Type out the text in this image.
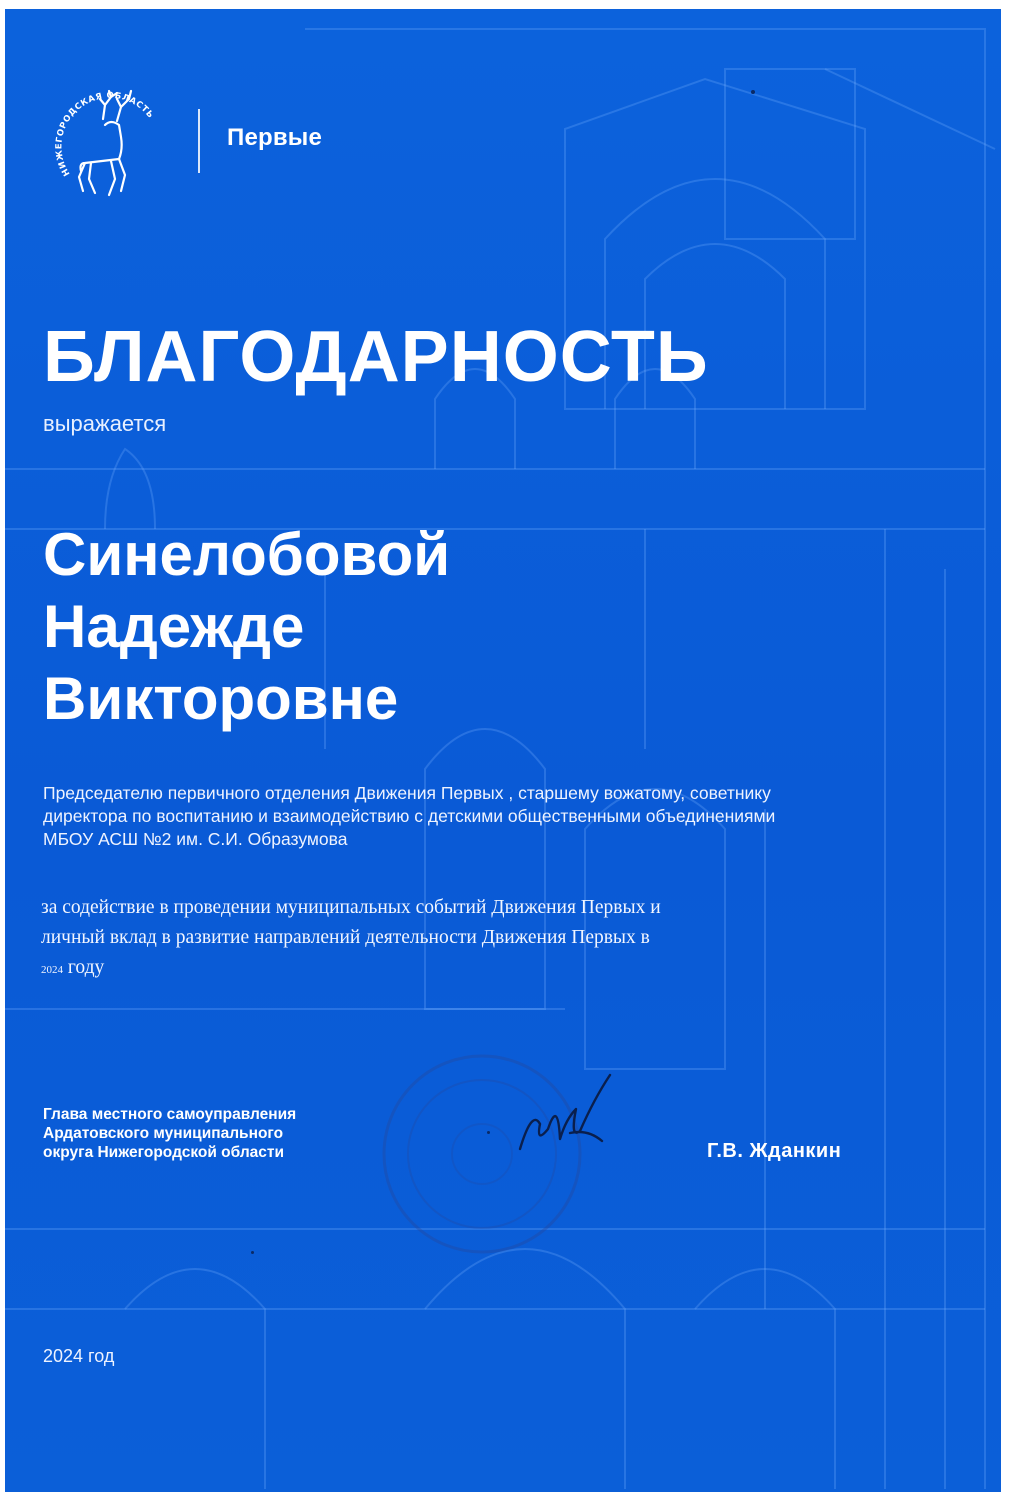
НИЖЕГОРОДСКАЯ ОБЛАСТЬ
Первые
БЛАГОДАРНОСТЬ
выражается
Синелобовой
Надежде
Викторовне
Председателю первичного отделения Движения Первых , старшему вожатому, советнику директора по воспитанию и взаимодействию с детскими общественными объединениями МБОУ АСШ №2 им. С.И. Образумова
за содействие в проведении муниципальных событий Движения Первых и
личный вклад в развитие направлений деятельности Движения Первых в
2024 году
Глава местного самоуправления
Ардатовского муниципального
округа Нижегородской области	Г.В. Жданкин
2024 год
